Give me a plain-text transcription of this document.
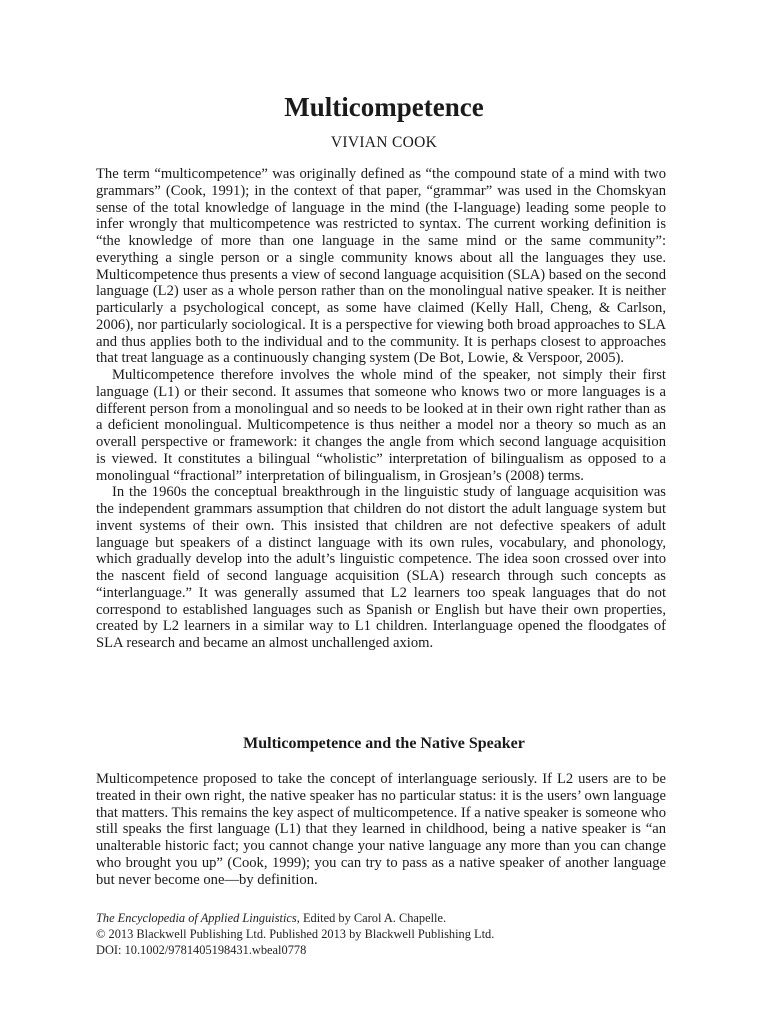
Multicompetence
VIVIAN COOK

The term “multicompetence” was originally defined as “the compound state of a mind with two grammars” (Cook, 1991); in the context of that paper, “grammar” was used in the Chomskyan sense of the total knowledge of language in the mind (the I-language) leading some people to infer wrongly that multicompetence was restricted to syntax. The current working definition is “the knowledge of more than one language in the same mind or the same community”: everything a single person or a single community knows about all the languages they use. Multicompetence thus presents a view of second language acquisition (SLA) based on the second language (L2) user as a whole person rather than on the monolingual native speaker. It is neither particularly a psychological concept, as some have claimed (Kelly Hall, Cheng, & Carlson, 2006), nor particularly sociological. It is a perspective for viewing both broad approaches to SLA and thus applies both to the individual and to the community. It is perhaps closest to approaches that treat language as a continuously changing system (De Bot, Lowie, & Verspoor, 2005).

Multicompetence therefore involves the whole mind of the speaker, not simply their first language (L1) or their second. It assumes that someone who knows two or more languages is a different person from a monolingual and so needs to be looked at in their own right rather than as a deficient monolingual. Multicompetence is thus neither a model nor a theory so much as an overall perspective or framework: it changes the angle from which second language acquisition is viewed. It constitutes a bilingual “wholistic” interpretation of bilingualism as opposed to a monolingual “fractional” interpretation of bilingualism, in Grosjean’s (2008) terms.

In the 1960s the conceptual breakthrough in the linguistic study of language acquisition was the independent grammars assumption that children do not distort the adult language system but invent systems of their own. This insisted that children are not defective speakers of adult language but speakers of a distinct language with its own rules, vocabulary, and phonology, which gradually develop into the adult’s linguistic competence. The idea soon crossed over into the nascent field of second language acquisition (SLA) research through such concepts as “interlanguage.” It was generally assumed that L2 learners too speak languages that do not correspond to established languages such as Spanish or English but have their own properties, created by L2 learners in a similar way to L1 children. Interlanguage opened the floodgates of SLA research and became an almost unchallenged axiom.

Multicompetence and the Native Speaker

Multicompetence proposed to take the concept of interlanguage seriously. If L2 users are to be treated in their own right, the native speaker has no particular status: it is the users’ own language that matters. This remains the key aspect of multicompetence. If a native speaker is someone who still speaks the first language (L1) that they learned in childhood, being a native speaker is “an unalterable historic fact; you cannot change your native language any more than you can change who brought you up” (Cook, 1999); you can try to pass as a native speaker of another language but never become one—by definition.

The Encyclopedia of Applied Linguistics, Edited by Carol A. Chapelle.
© 2013 Blackwell Publishing Ltd. Published 2013 by Blackwell Publishing Ltd.
DOI: 10.1002/9781405198431.wbeal0778
